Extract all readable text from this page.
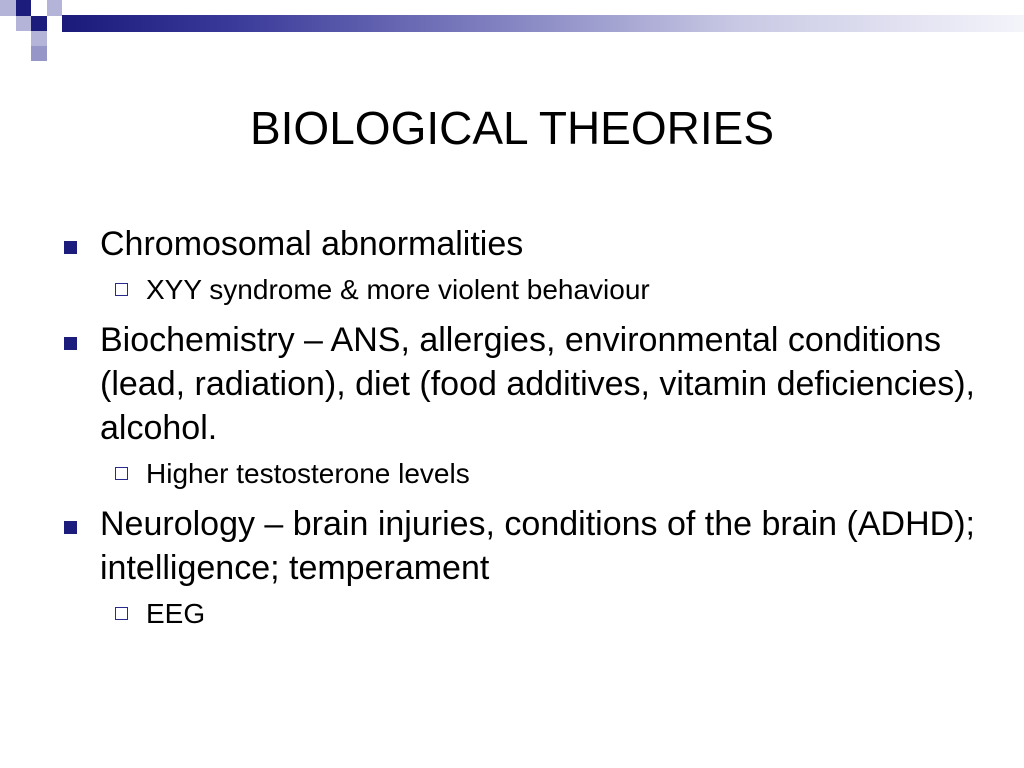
BIOLOGICAL THEORIES
Chromosomal abnormalities
XYY syndrome & more violent behaviour
Biochemistry – ANS, allergies, environmental conditions (lead, radiation), diet (food additives, vitamin deficiencies), alcohol.
Higher testosterone levels
Neurology – brain injuries, conditions of the brain (ADHD); intelligence; temperament
EEG
